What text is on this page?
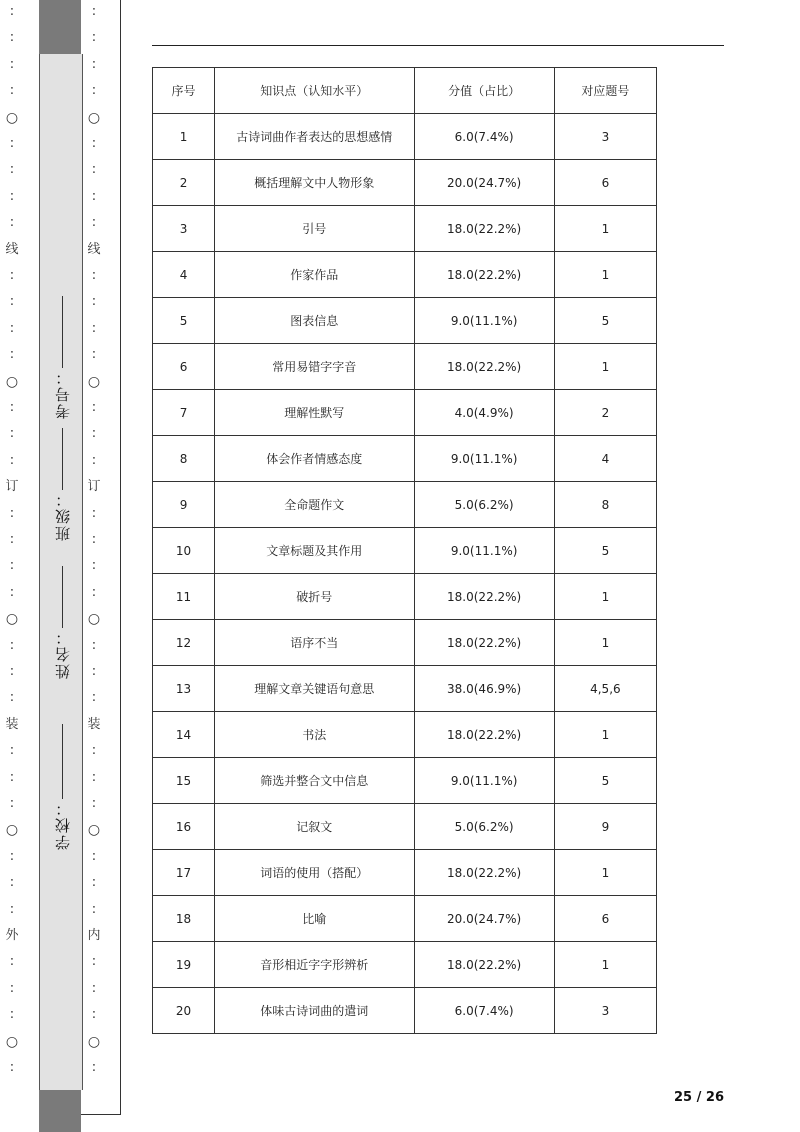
:
:
:
:
○
:
:
:
:
线
:
:
:
:
○
:
:
:
订
:
:
:
:
○
:
:
:
装
:
:
:
○
:
:
:
外
:
:
:
○
:
:
:
:
:
○
:
:
:
:
线
:
:
:
:
○
:
:
:
订
:
:
:
:
○
:
:
:
装
:
:
:
○
:
:
:
内
:
:
:
○
:
学校：
姓名：
班级：
考号：
序号	知识点（认知水平）	分值（占比）	对应题号
1	古诗词曲作者表达的思想感情	6.0(7.4%)	3
2	概括理解文中人物形象	20.0(24.7%)	6
3	引号	18.0(22.2%)	1
4	作家作品	18.0(22.2%)	1
5	图表信息	9.0(11.1%)	5
6	常用易错字字音	18.0(22.2%)	1
7	理解性默写	4.0(4.9%)	2
8	体会作者情感态度	9.0(11.1%)	4
9	全命题作文	5.0(6.2%)	8
10	文章标题及其作用	9.0(11.1%)	5
11	破折号	18.0(22.2%)	1
12	语序不当	18.0(22.2%)	1
13	理解文章关键语句意思	38.0(46.9%)	4,5,6
14	书法	18.0(22.2%)	1
15	筛选并整合文中信息	9.0(11.1%)	5
16	记叙文	5.0(6.2%)	9
17	词语的使用（搭配）	18.0(22.2%)	1
18	比喻	20.0(24.7%)	6
19	音形相近字字形辨析	18.0(22.2%)	1
20	体味古诗词曲的遣词	6.0(7.4%)	3
25 / 26
